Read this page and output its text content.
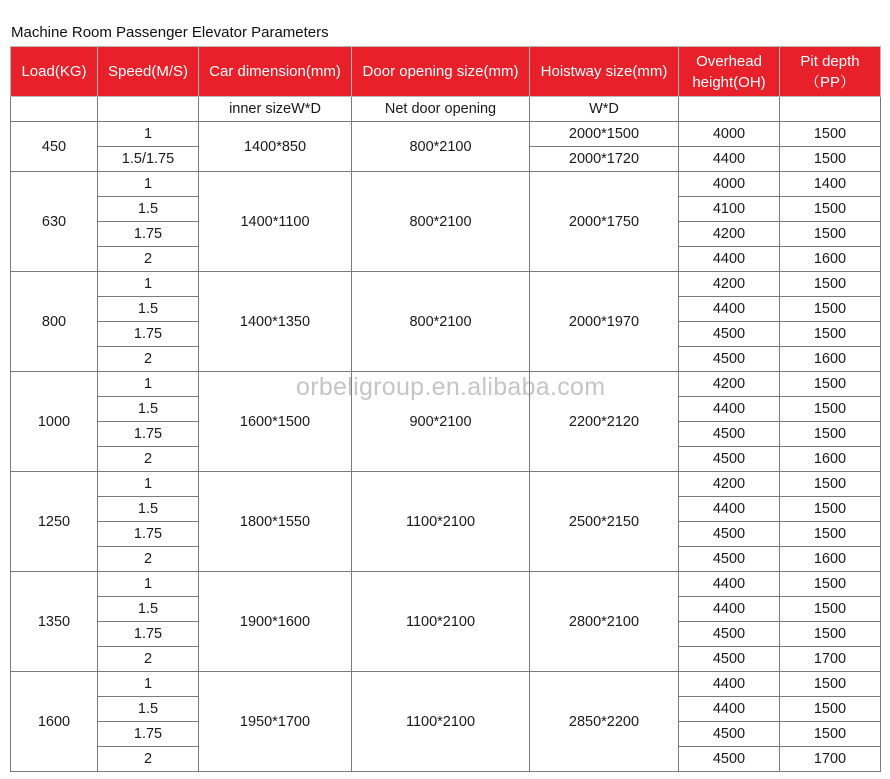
Machine Room Passenger Elevator Parameters
Load(KG)	Speed(M/S)	Car dimension(mm)	Door opening size(mm)	Hoistway size(mm)	Overhead height(OH)	Pit depth （PP）
		inner sizeW*D	Net door opening	W*D		
450	1	1400*850	800*2100	2000*1500	4000	1500
	1.5/1.75			2000*1720	4400	1500
630	1	1400*1100	800*2100	2000*1750	4000	1400
	1.5				4100	1500
	1.75				4200	1500
	2				4400	1600
800	1	1400*1350	800*2100	2000*1970	4200	1500
	1.5				4400	1500
	1.75				4500	1500
	2				4500	1600
1000	1	1600*1500	900*2100	2200*2120	4200	1500
	1.5				4400	1500
	1.75				4500	1500
	2				4500	1600
1250	1	1800*1550	1100*2100	2500*2150	4200	1500
	1.5				4400	1500
	1.75				4500	1500
	2				4500	1600
1350	1	1900*1600	1100*2100	2800*2100	4400	1500
	1.5				4400	1500
	1.75				4500	1500
	2				4500	1700
1600	1	1950*1700	1100*2100	2850*2200	4400	1500
	1.5				4400	1500
	1.75				4500	1500
	2				4500	1700
orbeligroup.en.alibaba.com
